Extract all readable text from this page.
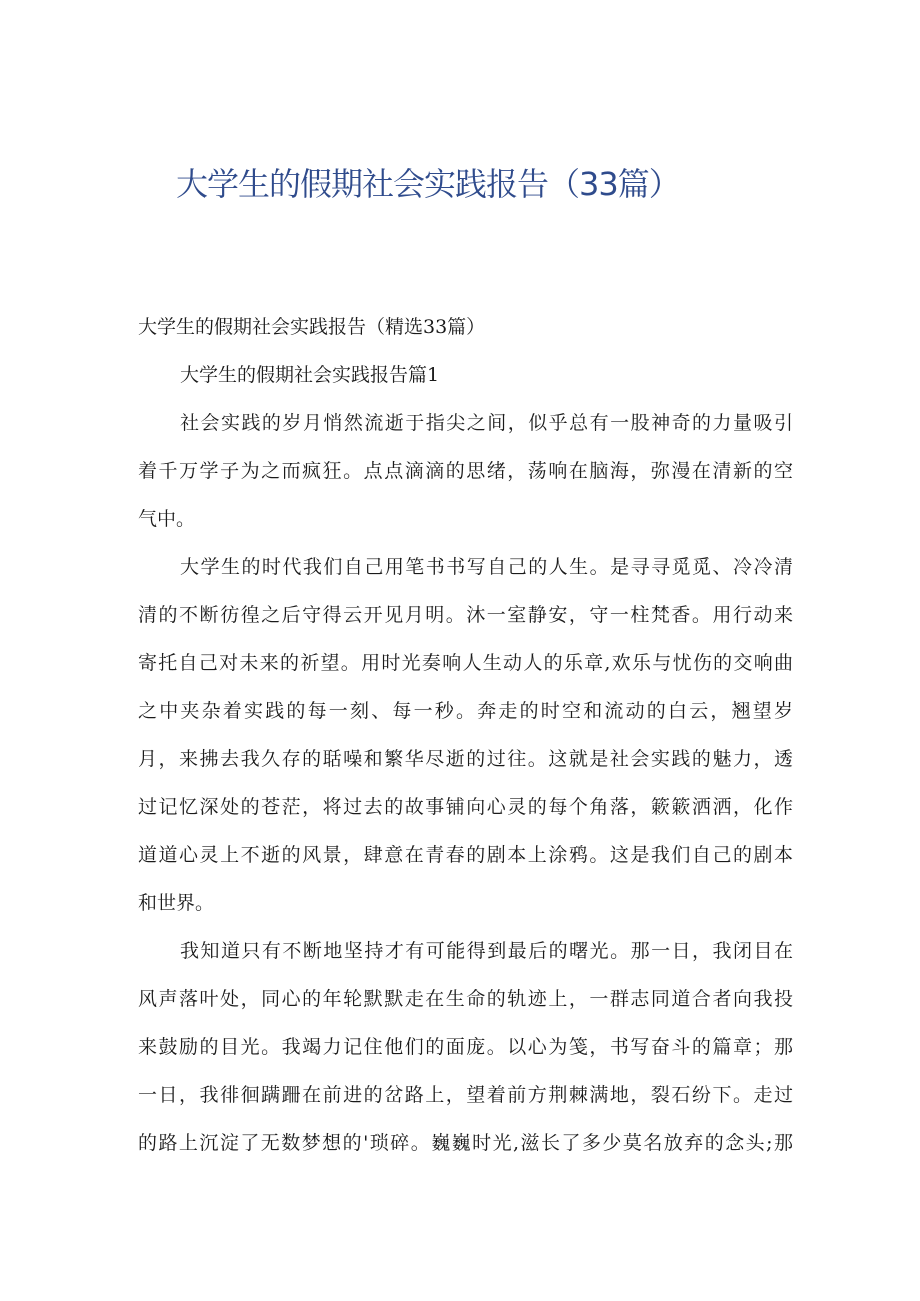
大学生的假期社会实践报告（33篇）

大学生的假期社会实践报告（精选33篇）

大学生的假期社会实践报告篇1

社会实践的岁月悄然流逝于指尖之间，似乎总有一股神奇的力量吸引

着千万学子为之而疯狂。点点滴滴的思绪，荡响在脑海，弥漫在清新的空

气中。

大学生的时代我们自己用笔书书写自己的人生。是寻寻觅觅、冷冷清

清的不断彷徨之后守得云开见月明。沐一室静安，守一柱梵香。用行动来

寄托自己对未来的祈望。用时光奏响人生动人的乐章,欢乐与忧伤的交响曲

之中夹杂着实践的每一刻、每一秒。奔走的时空和流动的白云，翘望岁

月，来拂去我久存的聒噪和繁华尽逝的过往。这就是社会实践的魅力，透

过记忆深处的苍茫，将过去的故事铺向心灵的每个角落，簌簌洒洒，化作

道道心灵上不逝的风景，肆意在青春的剧本上涂鸦。这是我们自己的剧本

和世界。

我知道只有不断地坚持才有可能得到最后的曙光。那一日，我闭目在

风声落叶处，同心的年轮默默走在生命的轨迹上，一群志同道合者向我投

来鼓励的目光。我竭力记住他们的面庞。以心为笺，书写奋斗的篇章；那

一日，我徘徊蹒跚在前进的岔路上，望着前方荆棘满地，裂石纷下。走过

的路上沉淀了无数梦想的'琐碎。巍巍时光,滋长了多少莫名放弃的念头;那
